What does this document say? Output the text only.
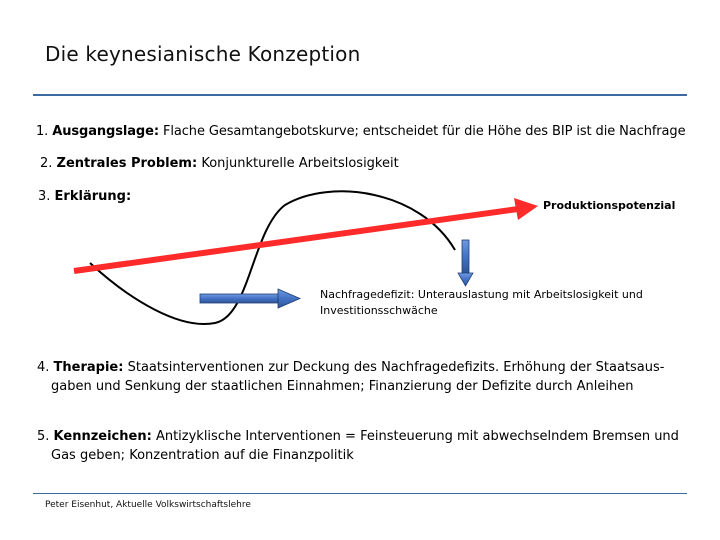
Die keynesianische Konzeption
1. Ausgangslage: Flache Gesamtangebotskurve; entscheidet für die Höhe des BIP ist die Nachfrage
2. Zentrales Problem: Konjunkturelle Arbeitslosigkeit
3. Erklärung:
Produktionspotenzial
Nachfragedefizit: Unterauslastung mit Arbeitslosigkeit und
Investitionsschwäche
4. Therapie: Staatsinterventionen zur Deckung des Nachfragedefizits. Erhöhung der Staatsaus-
gaben und Senkung der staatlichen Einnahmen; Finanzierung der Defizite durch Anleihen
5. Kennzeichen: Antizyklische Interventionen = Feinsteuerung mit abwechselndem Bremsen und
Gas geben; Konzentration auf die Finanzpolitik
Peter Eisenhut, Aktuelle Volkswirtschaftslehre
